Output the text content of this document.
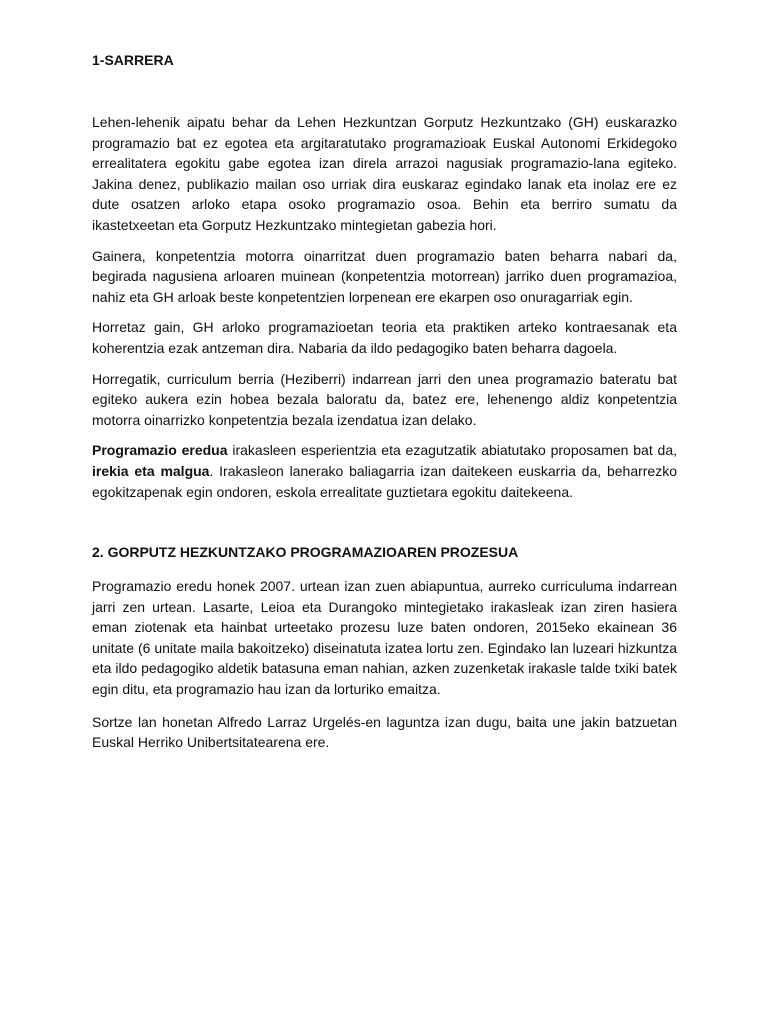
1-SARRERA

Lehen-lehenik aipatu behar da Lehen Hezkuntzan Gorputz Hezkuntzako (GH) euskarazko programazio bat ez egotea eta argitaratutako programazioak Euskal Autonomi Erkidegoko errealitatera egokitu gabe egotea izan direla arrazoi nagusiak programazio-lana egiteko. Jakina denez, publikazio mailan oso urriak dira euskaraz egindako lanak eta inolaz ere ez dute osatzen arloko etapa osoko programazio osoa. Behin eta berriro sumatu da ikastetxeetan eta Gorputz Hezkuntzako mintegietan gabezia hori.

Gainera, konpetentzia motorra oinarritzat duen programazio baten beharra nabari da, begirada nagusiena arloaren muinean (konpetentzia motorrean) jarriko duen programazioa, nahiz eta GH arloak beste konpetentzien lorpenean ere ekarpen oso onuragarriak egin.

Horretaz gain, GH arloko programazioetan teoria eta praktiken arteko kontraesanak eta koherentzia ezak antzeman dira. Nabaria da ildo pedagogiko baten beharra dagoela.

Horregatik, curriculum berria (Heziberri) indarrean jarri den unea programazio bateratu bat egiteko aukera ezin hobea bezala baloratu da, batez ere, lehenengo aldiz konpetentzia motorra oinarrizko konpetentzia bezala izendatua izan delako.

Programazio eredua irakasleen esperientzia eta ezagutzatik abiatutako proposamen bat da, irekia eta malgua. Irakasleon lanerako baliagarria izan daitekeen euskarria da, beharrezko egokitzapenak egin ondoren, eskola errealitate guztietara egokitu daitekeena.

2. GORPUTZ HEZKUNTZAKO PROGRAMAZIOAREN PROZESUA

Programazio eredu honek 2007. urtean izan zuen abiapuntua, aurreko curriculuma indarrean jarri zen urtean. Lasarte, Leioa eta Durangoko mintegietako irakasleak izan ziren hasiera eman ziotenak eta hainbat urteetako prozesu luze baten ondoren, 2015eko ekainean 36 unitate (6 unitate maila bakoitzeko) diseinatuta izatea lortu zen. Egindako lan luzeari hizkuntza eta ildo pedagogiko aldetik batasuna eman nahian, azken zuzenketak irakasle talde txiki batek egin ditu, eta programazio hau izan da lorturiko emaitza.

Sortze lan honetan Alfredo Larraz Urgelés-en laguntza izan dugu, baita une jakin batzuetan Euskal Herriko Unibertsitatearena ere.
